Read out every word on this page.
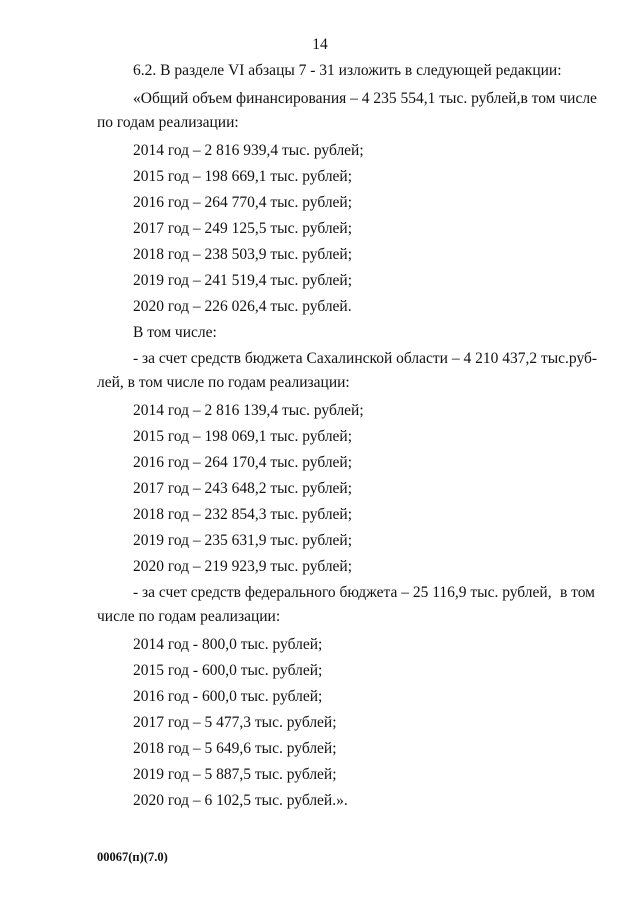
14
6.2. В разделе VI абзацы 7 - 31 изложить в следующей редакции:
«Общий объем финансирования – 4 235 554,1 тыс. рублей, в том числе
по годам реализации:
2014 год – 2 816 939,4 тыс. рублей;
2015 год – 198 669,1 тыс. рублей;
2016 год – 264 770,4 тыс. рублей;
2017 год – 249 125,5 тыс. рублей;
2018 год – 238 503,9 тыс. рублей;
2019 год – 241 519,4 тыс. рублей;
2020 год – 226 026,4 тыс. рублей.
В том числе:
- за счет средств бюджета Сахалинской области – 4 210 437,2 тыс. руб-
лей, в том числе по годам реализации:
2014 год – 2 816 139,4 тыс. рублей;
2015 год – 198 069,1 тыс. рублей;
2016 год – 264 170,4 тыс. рублей;
2017 год – 243 648,2 тыс. рублей;
2018 год – 232 854,3 тыс. рублей;
2019 год – 235 631,9 тыс. рублей;
2020 год – 219 923,9 тыс. рублей;
- за счет средств федерального бюджета – 25 116,9 тыс. рублей, в том
числе по годам реализации:
2014 год - 800,0 тыс. рублей;
2015 год - 600,0 тыс. рублей;
2016 год - 600,0 тыс. рублей;
2017 год – 5 477,3 тыс. рублей;
2018 год – 5 649,6 тыс. рублей;
2019 год – 5 887,5 тыс. рублей;
2020 год – 6 102,5 тыс. рублей.».
00067(п)(7.0)
